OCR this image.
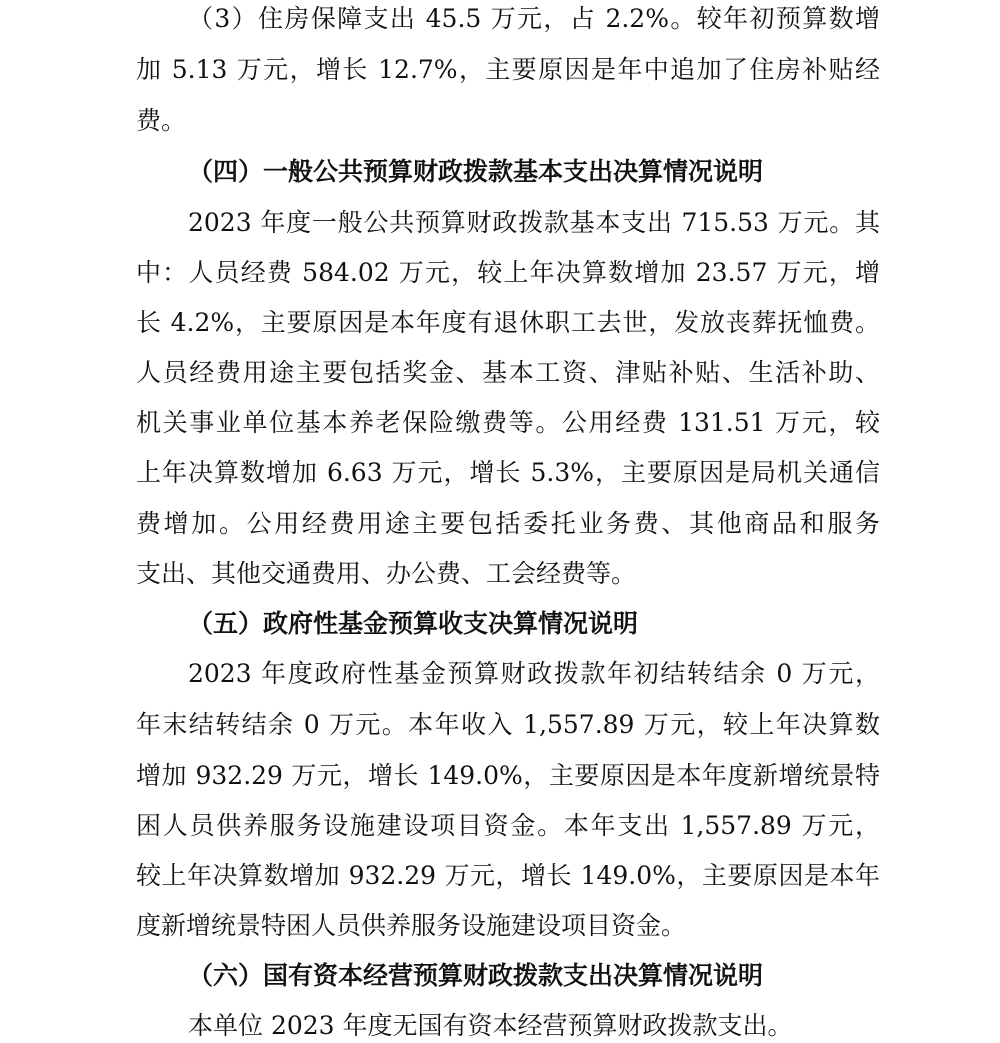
（3）住房保障支出 45.5 万元，占 2.2%。较年初预算数增
加 5.13 万元，增长 12.7%，主要原因是年中追加了住房补贴经
费。
（四）一般公共预算财政拨款基本支出决算情况说明
2023 年度一般公共预算财政拨款基本支出 715.53 万元。其
中：人员经费 584.02 万元，较上年决算数增加 23.57 万元，增
长 4.2%，主要原因是本年度有退休职工去世，发放丧葬抚恤费。
人员经费用途主要包括奖金、基本工资、津贴补贴、生活补助、
机关事业单位基本养老保险缴费等。公用经费 131.51 万元，较
上年决算数增加 6.63 万元，增长 5.3%，主要原因是局机关通信
费增加。公用经费用途主要包括委托业务费、其他商品和服务
支出、其他交通费用、办公费、工会经费等。
（五）政府性基金预算收支决算情况说明
2023 年度政府性基金预算财政拨款年初结转结余 0 万元，
年末结转结余 0 万元。本年收入 1,557.89 万元，较上年决算数
增加 932.29 万元，增长 149.0%，主要原因是本年度新增统景特
困人员供养服务设施建设项目资金。本年支出 1,557.89 万元，
较上年决算数增加 932.29 万元，增长 149.0%，主要原因是本年
度新增统景特困人员供养服务设施建设项目资金。
（六）国有资本经营预算财政拨款支出决算情况说明
本单位 2023 年度无国有资本经营预算财政拨款支出。
